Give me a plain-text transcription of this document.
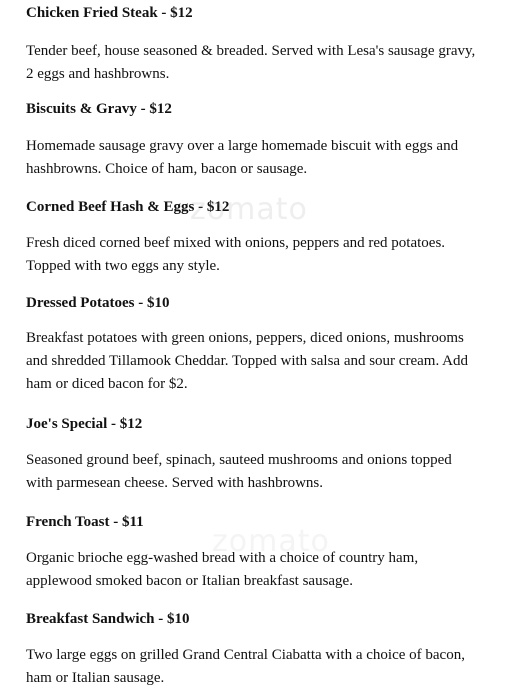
Chicken Fried Steak - $12

Tender beef, house seasoned & breaded. Served with Lesa's sausage gravy,
2 eggs and hashbrowns.

Biscuits & Gravy - $12

Homemade sausage gravy over a large homemade biscuit with eggs and
hashbrowns. Choice of ham, bacon or sausage.

Corned Beef Hash & Eggs - $12

Fresh diced corned beef mixed with onions, peppers and red potatoes.
Topped with two eggs any style.

Dressed Potatoes - $10

Breakfast potatoes with green onions, peppers, diced onions, mushrooms
and shredded Tillamook Cheddar. Topped with salsa and sour cream. Add
ham or diced bacon for $2.

Joe's Special - $12

Seasoned ground beef, spinach, sauteed mushrooms and onions topped
with parmesean cheese. Served with hashbrowns.

French Toast - $11

Organic brioche egg-washed bread with a choice of country ham,
applewood smoked bacon or Italian breakfast sausage.

Breakfast Sandwich - $10

Two large eggs on grilled Grand Central Ciabatta with a choice of bacon,
ham or Italian sausage.
zomato
zomato
